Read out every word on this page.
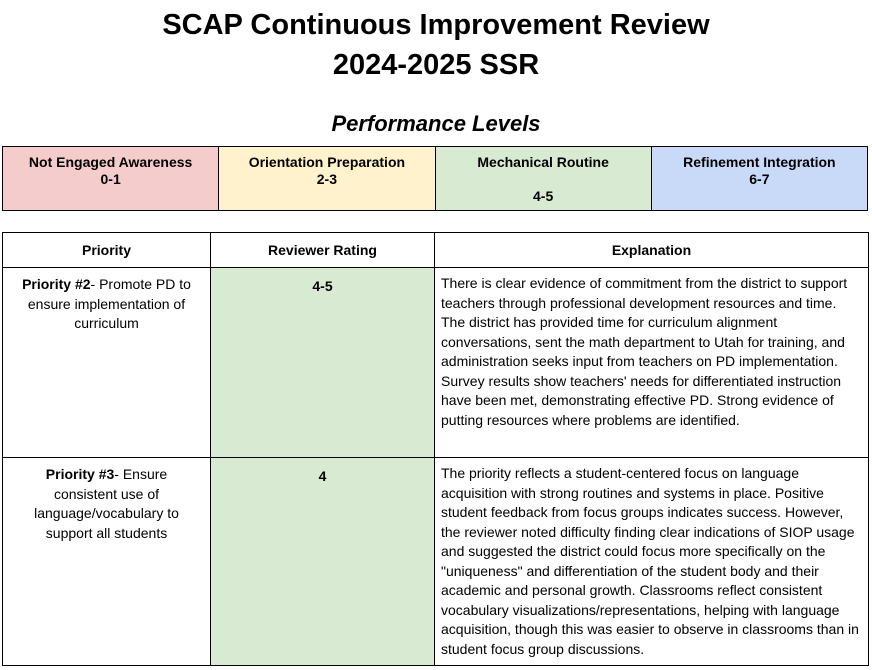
SCAP Continuous Improvement Review
2024-2025 SSR
Performance Levels
Not Engaged Awareness
0-1
	Orientation Preparation
2-3
	Mechanical Routine
4-5
	Refinement Integration
6-7
Priority	Reviewer Rating	Explanation
Priority #2- Promote PD to ensure implementation of curriculum	4-5	There is clear evidence of commitment from the district to support teachers through professional development resources and time. The district has provided time for curriculum alignment conversations, sent the math department to Utah for training, and administration seeks input from teachers on PD implementation. Survey results show teachers' needs for differentiated instruction have been met, demonstrating effective PD. Strong evidence of putting resources where problems are identified.
Priority #3- Ensure consistent use of language/vocabulary to support all students	4	The priority reflects a student-centered focus on language acquisition with strong routines and systems in place. Positive student feedback from focus groups indicates success. However, the reviewer noted difficulty finding clear indications of SIOP usage and suggested the district could focus more specifically on the "uniqueness" and differentiation of the student body and their academic and personal growth. Classrooms reflect consistent vocabulary visualizations/representations, helping with language acquisition, though this was easier to observe in classrooms than in student focus group discussions.
